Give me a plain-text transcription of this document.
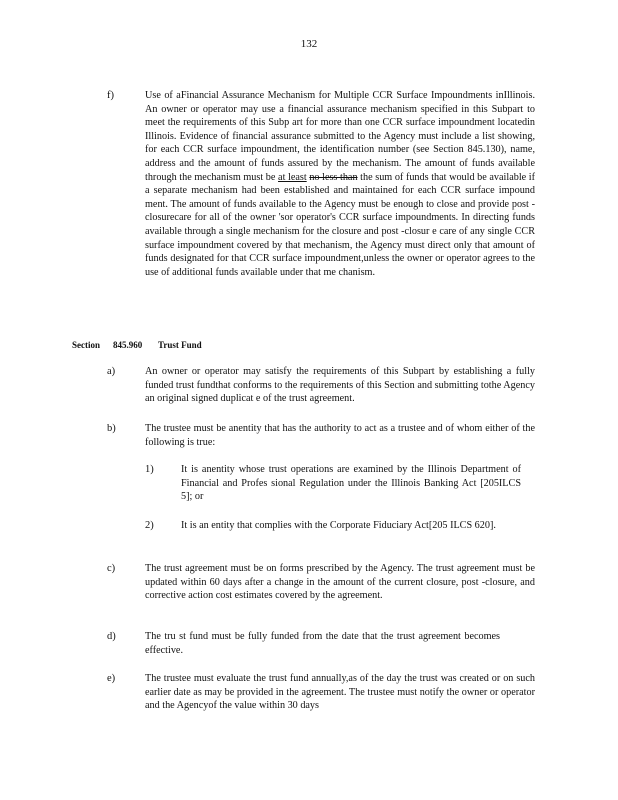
132
f)	Use of aFinancial Assurance Mechanism for Multiple CCR Surface Impoundments inIllinois. An owner or operator may use a financial assurance mechanism specified in this Subpart to meet the requirements of this Subp art for more than one CCR surface impoundment locatedin Illinois. Evidence of financial assurance submitted to the Agency must include a list showing, for each CCR surface impoundment, the identification number (see Section 845.130), name, address and the amount of funds assured by the mechanism. The amount of funds available through the mechanism must be at least no less than the sum of funds that would be available if a separate mechanism had been established and maintained for each CCR surface impound ment. The amount of funds available to the Agency must be enough to close and provide post -closurecare for all of the owner 'sor operator's CCR surface impoundments. In directing funds available through a single mechanism for the closure and post -closur e care of any single CCR surface impoundment covered by that mechanism, the Agency must direct only that amount of funds designated for that CCR surface impoundment,unless the owner or operator agrees to the use of additional funds available under that me chanism.
Section 845.960 Trust Fund
a)	An owner or operator may satisfy the requirements of this Subpart by establishing a fully funded trust fundthat conforms to the requirements of this Section and submitting tothe Agency an original signed duplicat e of the trust agreement.
b)	The trustee must be anentity that has the authority to act as a trustee and of whom either of the following is true:
1)	It is anentity whose trust operations are examined by the Illinois Department of Financial and Profes sional Regulation under the Illinois Banking Act [205ILCS 5]; or
2)	It is an entity that complies with the Corporate Fiduciary Act[205 ILCS 620].
c)	The trust agreement must be on forms prescribed by the Agency. The trust agreement must be updated within 60 days after a change in the amount of the current closure, post -closure, and corrective action cost estimates covered by the agreement.
d)	The tru st fund must be fully funded from the date that the trust agreement becomes effective.
e)	The trustee must evaluate the trust fund annually,as of the day the trust was created or on such earlier date as may be provided in the agreement. The trustee must notify the owner or operator and the Agencyof the value within 30 days
